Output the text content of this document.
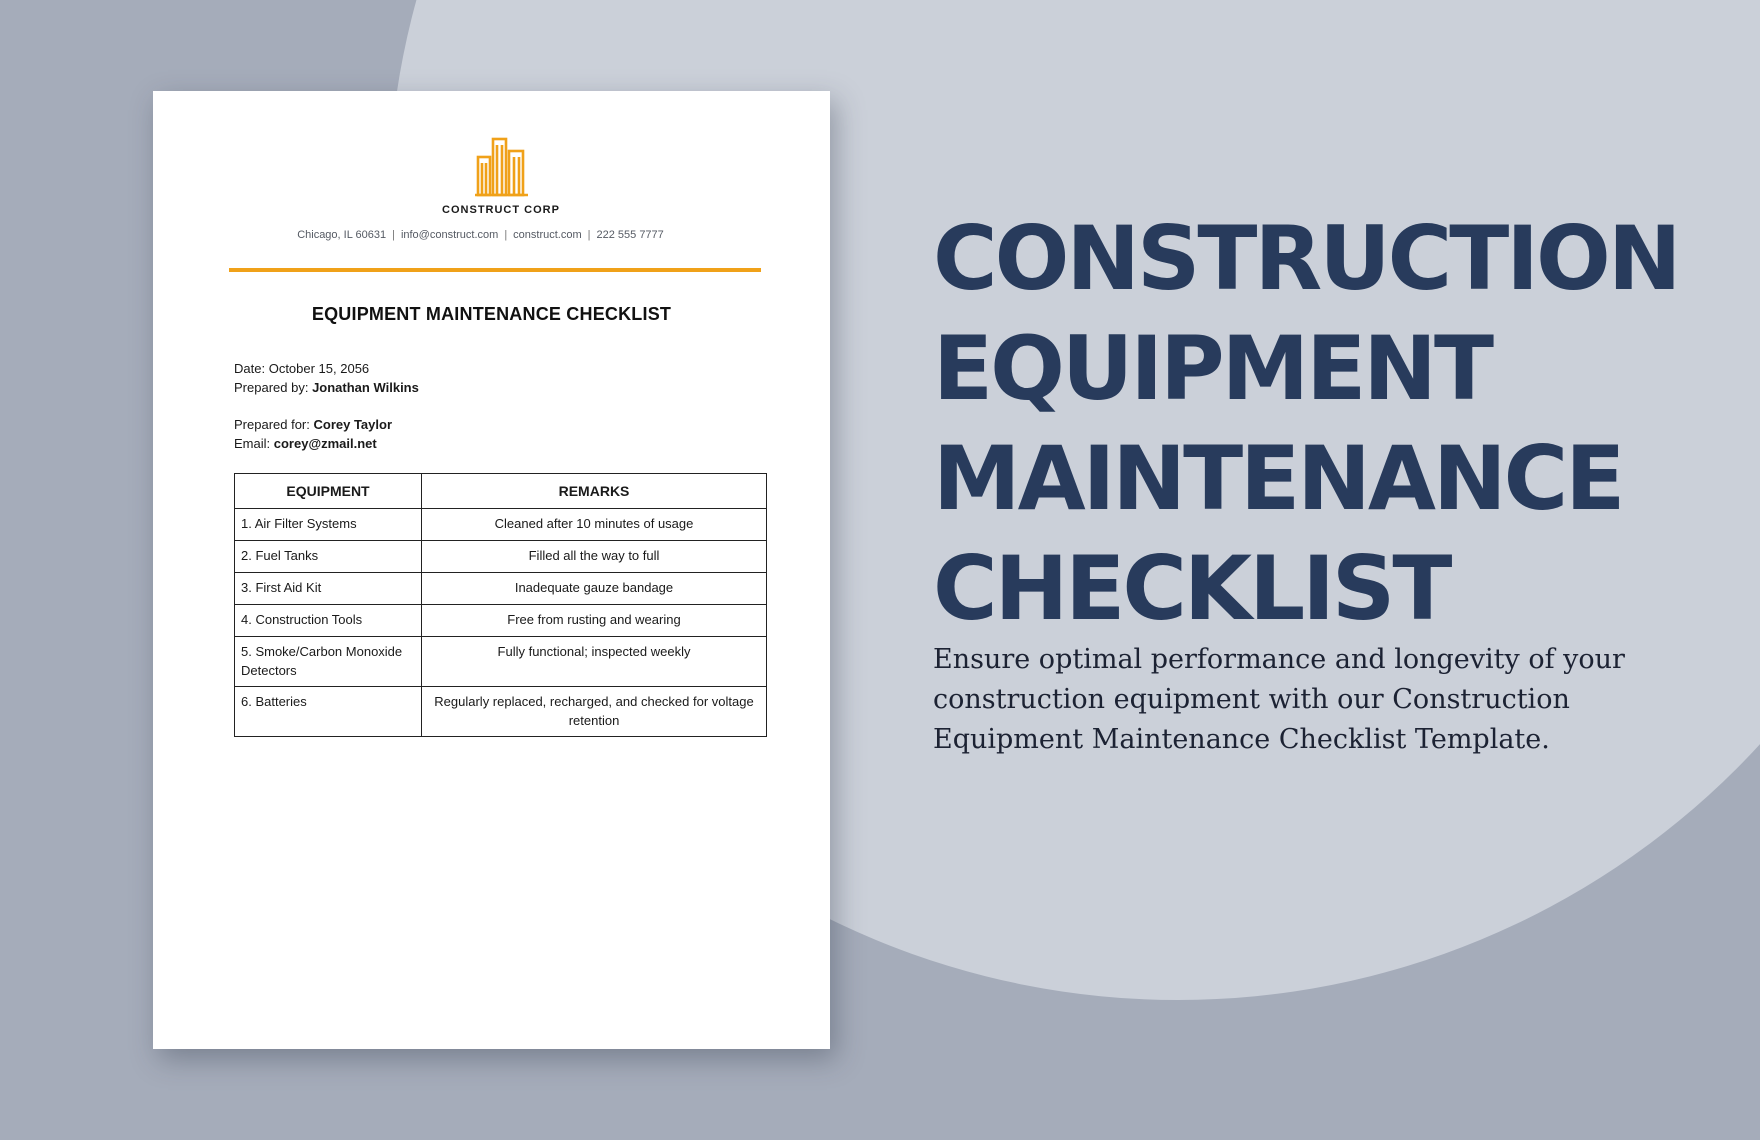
CONSTRUCT CORP
Chicago, IL 60631 | info@construct.com | construct.com | 222 555 7777
EQUIPMENT MAINTENANCE CHECKLIST
Date: October 15, 2056
Prepared by: Jonathan Wilkins
Prepared for: Corey Taylor
Email: corey@zmail.net
EQUIPMENT	REMARKS
1. Air Filter Systems	Cleaned after 10 minutes of usage
2. Fuel Tanks	Filled all the way to full
3. First Aid Kit	Inadequate gauze bandage
4. Construction Tools	Free from rusting and wearing
5. Smoke/Carbon Monoxide Detectors	Fully functional; inspected weekly
6. Batteries	Regularly replaced, recharged, and checked for voltage retention
CONSTRUCTION
EQUIPMENT
MAINTENANCE
CHECKLIST
Ensure optimal performance and longevity of your construction equipment with our Construction Equipment Maintenance Checklist Template.
